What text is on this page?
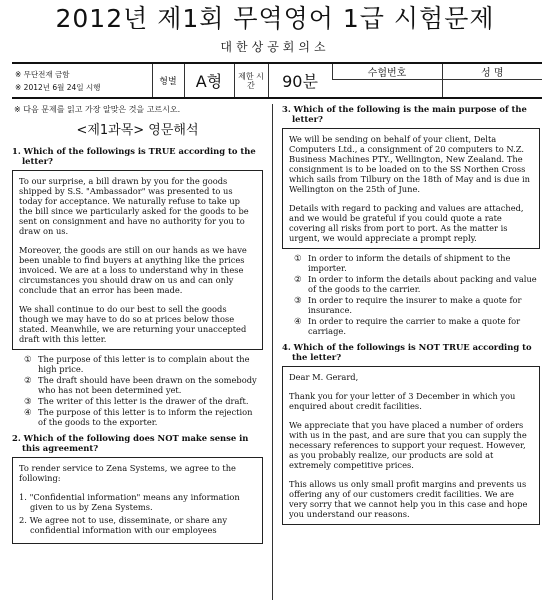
2012년 제1회 무역영어 1급 시험문제
대한상공회의소
※ 무단전재 금함
※ 2012년 6월 24일 시행	형별	A형	제한 시간	90분	수험번호	성 명

※ 다음 문제를 읽고 가장 알맞은 것을 고르시오.
<제1과목> 영문해석
1. Which of the followings is TRUE according to the letter?

To our surprise, a bill drawn by you for the goods shipped by S.S. "Ambassador" was presented to us today for acceptance. We naturally refuse to take up the bill since we particularly asked for the goods to be sent on consignment and have no authority for you to draw on us.

Moreover, the goods are still on our hands as we have been unable to find buyers at anything like the prices invoiced. We are at a loss to understand why in these circumstances you should draw on us and can only conclude that an error has been made.

We shall continue to do our best to sell the goods though we may have to do so at prices below those stated. Meanwhile, we are returning your unaccepted draft with this letter.

① The purpose of this letter is to complain about the high price.
② The draft should have been drawn on the somebody who has not been determined yet.
③ The writer of this letter is the drawer of the draft.
④ The purpose of this letter is to inform the rejection of the goods to the exporter.
2. Which of the following does NOT make sense in this agreement?

To render service to Zena Systems, we agree to the following:

1. "Confidential information" means any information given to us by Zena Systems.
2. We agree not to use, disseminate, or share any confidential information with our employees
3. Which of the following is the main purpose of the letter?

We will be sending on behalf of your client, Delta Computers Ltd., a consignment of 20 computers to N.Z. Business Machines PTY., Wellington, New Zealand. The consignment is to be loaded on to the SS Northen Cross which sails from Tilbury on the 18th of May and is due in Wellington on the 25th of June.

Details with regard to packing and values are attached, and we would be grateful if you could quote a rate covering all risks from port to port. As the matter is urgent, we would appreciate a prompt reply.

① In order to inform the details of shipment to the importer.
② In order to inform the details about packing and value of the goods to the carrier.
③ In order to require the insurer to make a quote for insurance.
④ In order to require the carrier to make a quote for carriage.
4. Which of the followings is NOT TRUE according to the letter?

Dear M. Gerard,

Thank you for your letter of 3 December in which you enquired about credit facilities.

We appreciate that you have placed a number of orders with us in the past, and are sure that you can supply the necessary references to support your request. However, as you probably realize, our products are sold at extremely competitive prices.

This allows us only small profit margins and prevents us offering any of our customers credit facilities. We are very sorry that we cannot help you in this case and hope you understand our reasons.
